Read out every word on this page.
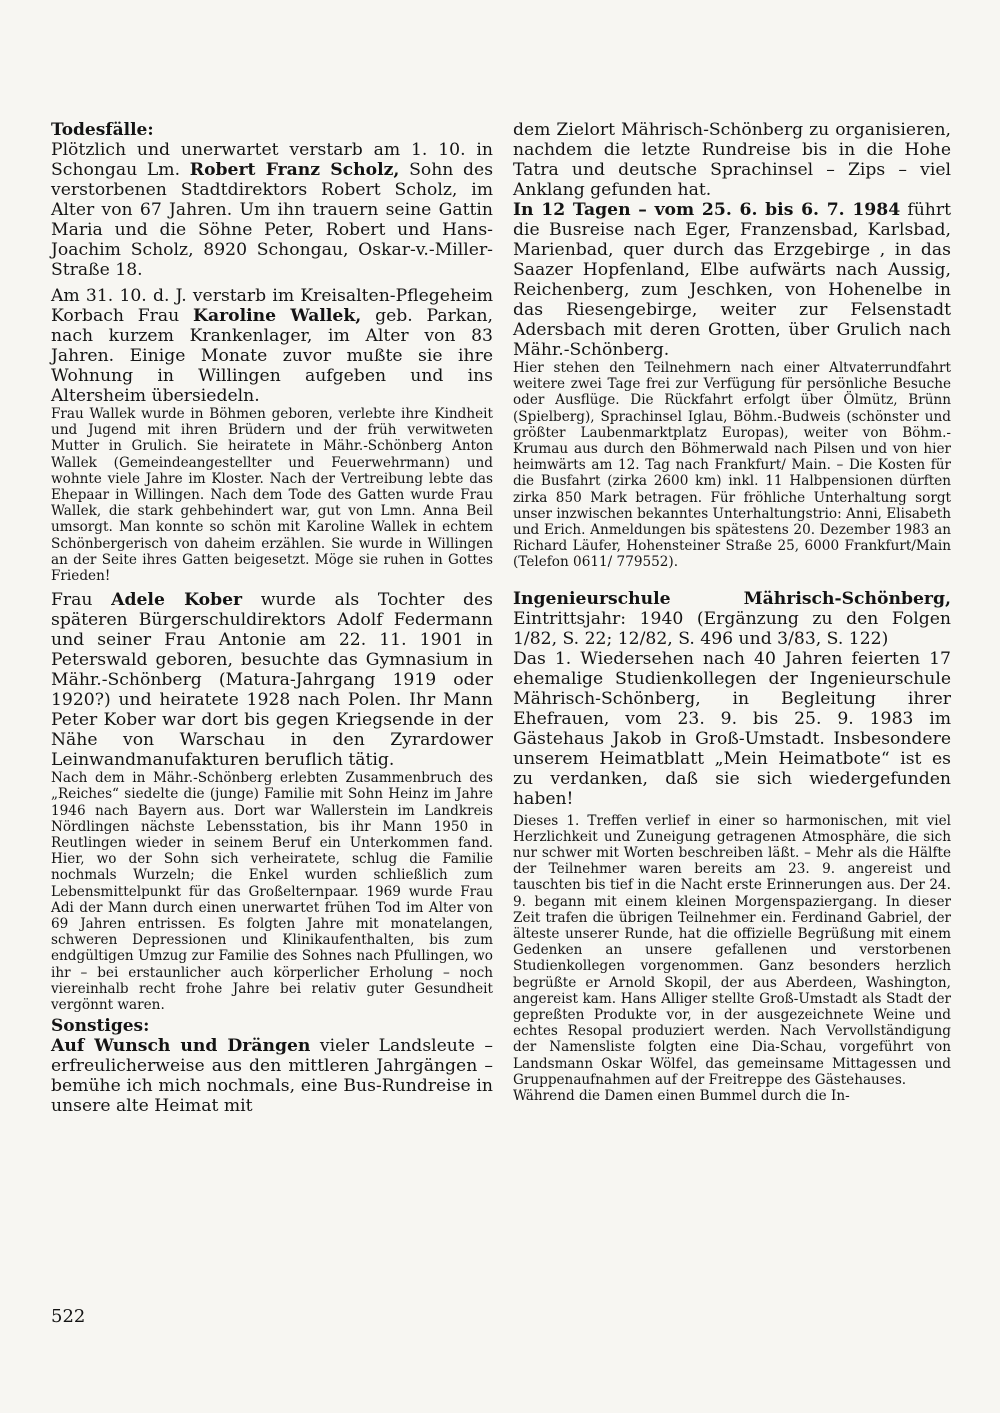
Todesfälle:

Plötzlich und unerwartet verstarb am 1. 10. in Schongau Lm. Robert Franz Scholz, Sohn des verstorbenen Stadtdirektors Robert Scholz, im Alter von 67 Jahren. Um ihn trauern seine Gattin Maria und die Söhne Peter, Robert und Hans-Joachim Scholz, 8920 Schongau, Oskar-v.-Miller-Straße 18.

Am 31. 10. d. J. verstarb im Kreisalten-Pflegeheim Korbach Frau Karoline Wallek, geb. Parkan, nach kurzem Krankenlager, im Alter von 83 Jahren. Einige Monate zuvor mußte sie ihre Wohnung in Willingen aufgeben und ins Altersheim übersiedeln.

Frau Wallek wurde in Böhmen geboren, verlebte ihre Kindheit und Jugend mit ihren Brüdern und der früh verwitweten Mutter in Grulich. Sie heiratete in Mähr.-Schönberg Anton Wallek (Gemeindeangestellter und Feuerwehrmann) und wohnte viele Jahre im Kloster. Nach der Vertreibung lebte das Ehepaar in Willingen. Nach dem Tode des Gatten wurde Frau Wallek, die stark gehbehindert war, gut von Lmn. Anna Beil umsorgt. Man konnte so schön mit Karoline Wallek in echtem Schönbergerisch von daheim erzählen. Sie wurde in Willingen an der Seite ihres Gatten beigesetzt. Möge sie ruhen in Gottes Frieden!

Frau Adele Kober wurde als Tochter des späteren Bürgerschuldirektors Adolf Federmann und seiner Frau Antonie am 22. 11. 1901 in Peterswald geboren, besuchte das Gymnasium in Mähr.-Schönberg (Matura-Jahrgang 1919 oder 1920?) und heiratete 1928 nach Polen. Ihr Mann Peter Kober war dort bis gegen Kriegsende in der Nähe von Warschau in den Zyrardower Leinwandmanufakturen beruflich tätig.

Nach dem in Mähr.-Schönberg erlebten Zusammenbruch des „Reiches“ siedelte die (junge) Familie mit Sohn Heinz im Jahre 1946 nach Bayern aus. Dort war Wallerstein im Landkreis Nördlingen nächste Lebensstation, bis ihr Mann 1950 in Reutlingen wieder in seinem Beruf ein Unterkommen fand. Hier, wo der Sohn sich verheiratete, schlug die Familie nochmals Wurzeln; die Enkel wurden schließlich zum Lebensmittelpunkt für das Großelternpaar. 1969 wurde Frau Adi der Mann durch einen unerwartet frühen Tod im Alter von 69 Jahren entrissen. Es folgten Jahre mit monatelangen, schweren Depressionen und Klinikaufenthalten, bis zum endgültigen Umzug zur Familie des Sohnes nach Pfullingen, wo ihr – bei erstaunlicher auch körperlicher Erholung – noch viereinhalb recht frohe Jahre bei relativ guter Gesundheit vergönnt waren.

Sonstiges:

Auf Wunsch und Drängen vieler Landsleute – erfreulicherweise aus den mittleren Jahrgängen – bemühe ich mich nochmals, eine Bus-Rundreise in unsere alte Heimat mit

dem Zielort Mährisch-Schönberg zu organisieren, nachdem die letzte Rundreise bis in die Hohe Tatra und deutsche Sprachinsel – Zips – viel Anklang gefunden hat.

In 12 Tagen – vom 25. 6. bis 6. 7. 1984 führt die Busreise nach Eger, Franzensbad, Karlsbad, Marienbad, quer durch das Erzgebirge , in das Saazer Hopfenland, Elbe aufwärts nach Aussig, Reichenberg, zum Jeschken, von Hohenelbe in das Riesengebirge, weiter zur Felsenstadt Adersbach mit deren Grotten, über Grulich nach Mähr.-Schönberg.

Hier stehen den Teilnehmern nach einer Altvaterrundfahrt weitere zwei Tage frei zur Verfügung für persönliche Besuche oder Ausflüge. Die Rückfahrt erfolgt über Ölmütz, Brünn (Spielberg), Sprachinsel Iglau, Böhm.-Budweis (schönster und größter Laubenmarktplatz Europas), weiter von Böhm.-Krumau aus durch den Böhmerwald nach Pilsen und von hier heimwärts am 12. Tag nach Frankfurt/ Main. – Die Kosten für die Busfahrt (zirka 2600 km) inkl. 11 Halbpensionen dürften zirka 850 Mark betragen. Für fröhliche Unterhaltung sorgt unser inzwischen bekanntes Unterhaltungstrio: Anni, Elisabeth und Erich. Anmeldungen bis spätestens 20. Dezember 1983 an Richard Läufer, Hohensteiner Straße 25, 6000 Frankfurt/Main (Telefon 0611/ 779552).

Ingenieurschule Mährisch-Schönberg, Eintrittsjahr: 1940 (Ergänzung zu den Folgen 1/82, S. 22; 12/82, S. 496 und 3/83, S. 122)

Das 1. Wiedersehen nach 40 Jahren feierten 17 ehemalige Studienkollegen der Ingenieurschule Mährisch-Schönberg, in Begleitung ihrer Ehefrauen, vom 23. 9. bis 25. 9. 1983 im Gästehaus Jakob in Groß-Umstadt. Insbesondere unserem Heimatblatt „Mein Heimatbote“ ist es zu verdanken, daß sie sich wiedergefunden haben!

Dieses 1. Treffen verlief in einer so harmonischen, mit viel Herzlichkeit und Zuneigung getragenen Atmosphäre, die sich nur schwer mit Worten beschreiben läßt. – Mehr als die Hälfte der Teilnehmer waren bereits am 23. 9. angereist und tauschten bis tief in die Nacht erste Erinnerungen aus. Der 24. 9. begann mit einem kleinen Morgenspaziergang. In dieser Zeit trafen die übrigen Teilnehmer ein. Ferdinand Gabriel, der älteste unserer Runde, hat die offizielle Begrüßung mit einem Gedenken an unsere gefallenen und verstorbenen Studienkollegen vorgenommen. Ganz besonders herzlich begrüßte er Arnold Skopil, der aus Aberdeen, Washington, angereist kam. Hans Alliger stellte Groß-Umstadt als Stadt der gepreßten Produkte vor, in der ausgezeichnete Weine und echtes Resopal produziert werden. Nach Vervollständigung der Namensliste folgten eine Dia-Schau, vorgeführt von Landsmann Oskar Wölfel, das gemeinsame Mittagessen und Gruppenaufnahmen auf der Freitreppe des Gästehauses.

Während die Damen einen Bummel durch die In-

522
